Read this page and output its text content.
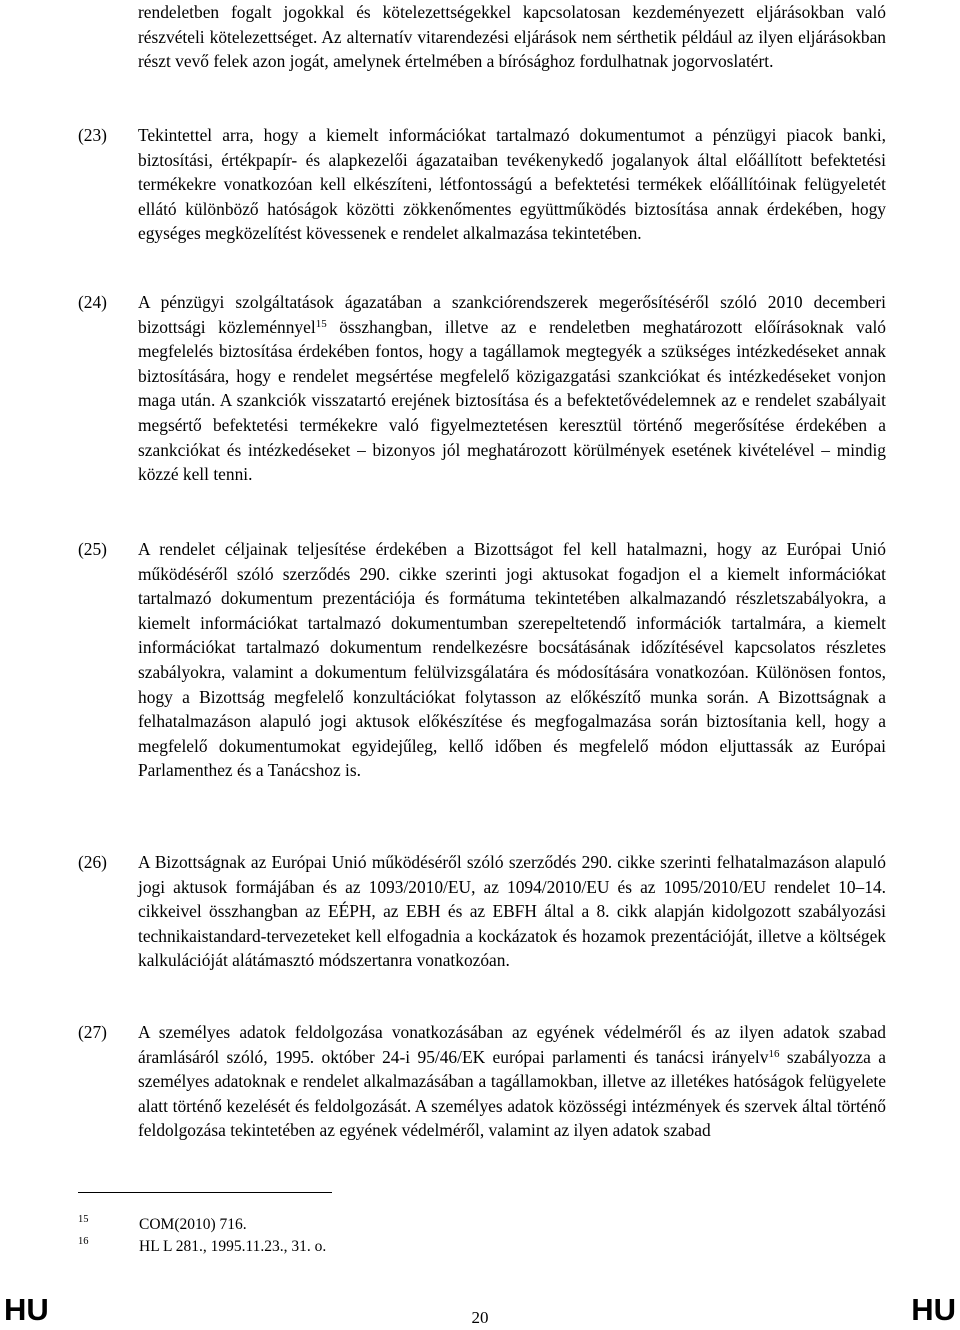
rendeletben fogalt jogokkal és kötelezettségekkel kapcsolatosan kezdeményezett eljárásokban való részvételi kötelezettséget. Az alternatív vitarendezési eljárások nem sérthetik például az ilyen eljárásokban részt vevő felek azon jogát, amelynek értelmében a bírósághoz fordulhatnak jogorvoslatért.

(23) Tekintettel arra, hogy a kiemelt információkat tartalmazó dokumentumot a pénzügyi piacok banki, biztosítási, értékpapír- és alapkezelői ágazataiban tevékenykedő jogalanyok által előállított befektetési termékekre vonatkozóan kell elkészíteni, létfontosságú a befektetési termékek előállítóinak felügyeletét ellátó különböző hatóságok közötti zökkenőmentes együttműködés biztosítása annak érdekében, hogy egységes megközelítést kövessenek e rendelet alkalmazása tekintetében.
(24) A pénzügyi szolgáltatások ágazatában a szankciórendszerek megerősítéséről szóló 2010 decemberi bizottsági közleménnyel$^{15}$ összhangban, illetve az e rendeletben meghatározott előírásoknak való megfelelés biztosítása érdekében fontos, hogy a tagállamok megtegyék a szükséges intézkedéseket annak biztosítására, hogy e rendelet megsértése megfelelő közigazgatási szankciókat és intézkedéseket vonjon maga után. A szankciók visszatartó erejének biztosítása és a befektetővédelemnek az e rendelet szabályait megsértő befektetési termékekre való figyelmeztetésen keresztül történő megerősítése érdekében a szankciókat és intézkedéseket – bizonyos jól meghatározott körülmények esetének kivételével – mindig közzé kell tenni.
(25) A rendelet céljainak teljesítése érdekében a Bizottságot fel kell hatalmazni, hogy az Európai Unió működéséről szóló szerződés 290. cikke szerinti jogi aktusokat fogadjon el a kiemelt információkat tartalmazó dokumentum prezentációja és formátuma tekintetében alkalmazandó részletszabályokra, a kiemelt információkat tartalmazó dokumentumban szerepeltetendő információk tartalmára, a kiemelt információkat tartalmazó dokumentum rendelkezésre bocsátásának időzítésével kapcsolatos részletes szabályokra, valamint a dokumentum felülvizsgálatára és módosítására vonatkozóan. Különösen fontos, hogy a Bizottság megfelelő konzultációkat folytasson az előkészítő munka során. A Bizottságnak a felhatalmazáson alapuló jogi aktusok előkészítése és megfogalmazása során biztosítania kell, hogy a megfelelő dokumentumokat egyidejűleg, kellő időben és megfelelő módon eljuttassák az Európai Parlamenthez és a Tanácshoz is.
(26) A Bizottságnak az Európai Unió működéséről szóló szerződés 290. cikke szerinti felhatalmazáson alapuló jogi aktusok formájában és az 1093/2010/EU, az 1094/2010/EU és az 1095/2010/EU rendelet 10–14. cikkeivel összhangban az EÉPH, az EBH és az EBFH által a 8. cikk alapján kidolgozott szabályozási technikaistandard-tervezeteket kell elfogadnia a kockázatok és hozamok prezentációját, illetve a költségek kalkulációját alátámasztó módszertanra vonatkozóan.
(27) A személyes adatok feldolgozása vonatkozásában az egyének védelméről és az ilyen adatok szabad áramlásáról szóló, 1995. október 24-i 95/46/EK európai parlamenti és tanácsi irányelv$^{16}$ szabályozza a személyes adatoknak e rendelet alkalmazásában a tagállamokban, illetve az illetékes hatóságok felügyelete alatt történő kezelését és feldolgozását. A személyes adatok közösségi intézmények és szervek által történő feldolgozása tekintetében az egyének védelméről, valamint az ilyen adatok szabad
15	COM(2010) 716.
16	HL L 281., 1995.11.23., 31. o.
HU	20	HU
